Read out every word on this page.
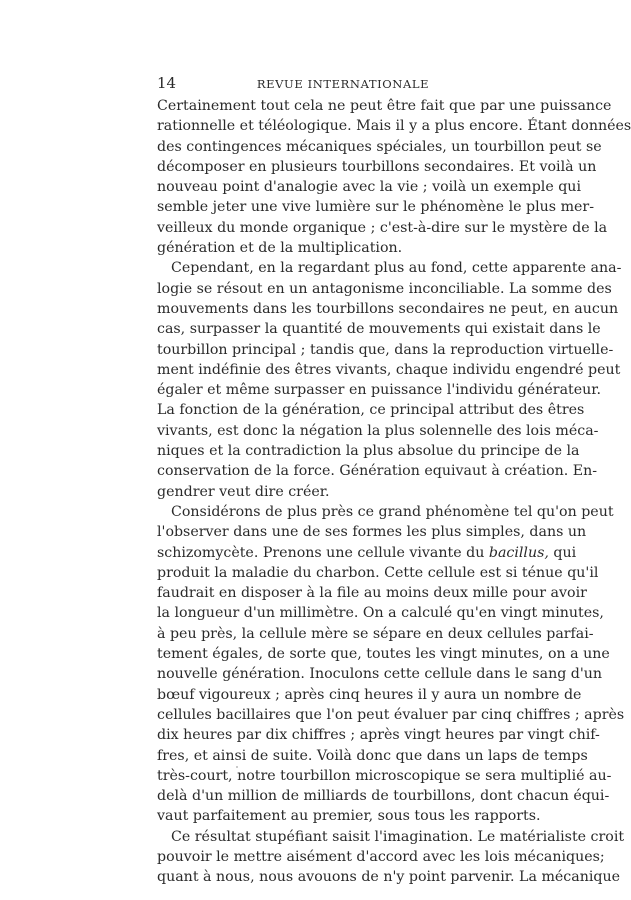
14	REVUE INTERNATIONALE
Certainement tout cela ne peut être fait que par une puissance
rationnelle et téléologique. Mais il y a plus encore. Étant données
des contingences mécaniques spéciales, un tourbillon peut se
décomposer en plusieurs tourbillons secondaires. Et voilà un
nouveau point d'analogie avec la vie ; voilà un exemple qui
semble jeter une vive lumière sur le phénomène le plus mer-
veilleux du monde organique ; c'est-à-dire sur le mystère de la
génération et de la multiplication.
Cependant, en la regardant plus au fond, cette apparente ana-
logie se résout en un antagonisme inconciliable. La somme des
mouvements dans les tourbillons secondaires ne peut, en aucun
cas, surpasser la quantité de mouvements qui existait dans le
tourbillon principal ; tandis que, dans la reproduction virtuelle-
ment indéfinie des êtres vivants, chaque individu engendré peut
égaler et même surpasser en puissance l'individu générateur.
La fonction de la génération, ce principal attribut des êtres
vivants, est donc la négation la plus solennelle des lois méca-
niques et la contradiction la plus absolue du principe de la
conservation de la force. Génération equivaut à création. En-
gendrer veut dire créer.
Considérons de plus près ce grand phénomène tel qu'on peut
l'observer dans une de ses formes les plus simples, dans un
schizomycète. Prenons une cellule vivante du bacillus, qui
produit la maladie du charbon. Cette cellule est si ténue qu'il
faudrait en disposer à la file au moins deux mille pour avoir
la longueur d'un millimètre. On a calculé qu'en vingt minutes,
à peu près, la cellule mère se sépare en deux cellules parfai-
tement égales, de sorte que, toutes les vingt minutes, on a une
nouvelle génération. Inoculons cette cellule dans le sang d'un
bœuf vigoureux ; après cinq heures il y aura un nombre de
cellules bacillaires que l'on peut évaluer par cinq chiffres ; après
dix heures par dix chiffres ; après vingt heures par vingt chif-
fres, et ainsi de suite. Voilà donc que dans un laps de temps
très-court, notre tourbillon microscopique se sera multiplié au-
delà d'un million de milliards de tourbillons, dont chacun équi-
vaut parfaitement au premier, sous tous les rapports.
Ce résultat stupéfiant saisit l'imagination. Le matérialiste croit
pouvoir le mettre aisément d'accord avec les lois mécaniques;
quant à nous, nous avouons de n'y point parvenir. La mécanique
